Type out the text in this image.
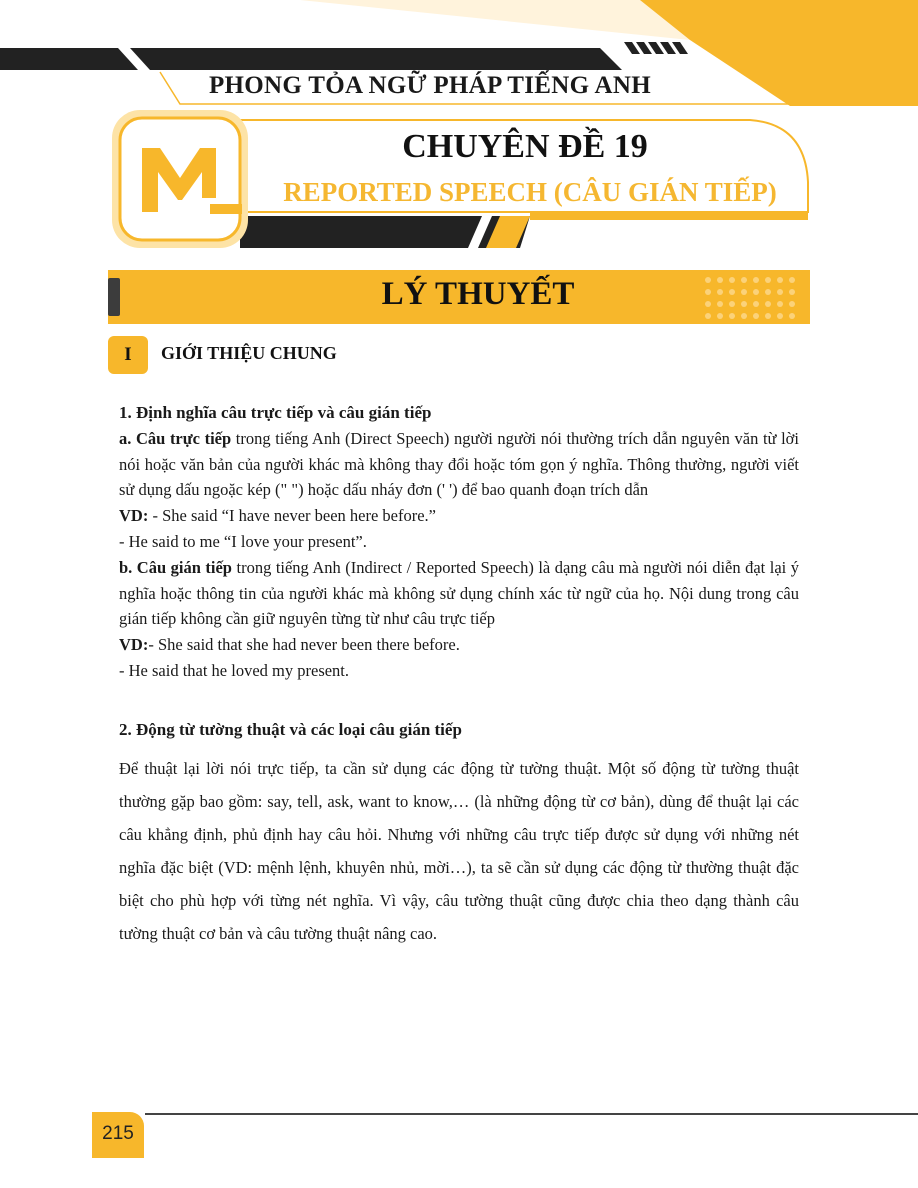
PHONG TỎA NGỮ PHÁP TIẾNG ANH
CHUYÊN ĐỀ 19
REPORTED SPEECH (CÂU GIÁN TIẾP)
LÝ THUYẾT
I	GIỚI THIỆU CHUNG
1. Định nghĩa câu trực tiếp và câu gián tiếp
a. Câu trực tiếp trong tiếng Anh (Direct Speech) người người nói thường trích dẫn nguyên văn từ lời nói hoặc văn bản của người khác mà không thay đổi hoặc tóm gọn ý nghĩa. Thông thường, người viết sử dụng dấu ngoặc kép (" ") hoặc dấu nháy đơn (' ') để bao quanh đoạn trích dẫn
VD: - She said “I have never been here before.”
- He said to me “I love your present”.
b. Câu gián tiếp trong tiếng Anh (Indirect / Reported Speech) là dạng câu mà người nói diễn đạt lại ý nghĩa hoặc thông tin của người khác mà không sử dụng chính xác từ ngữ của họ. Nội dung trong câu gián tiếp không cần giữ nguyên từng từ như câu trực tiếp
VD:- She said that she had never been there before.
- He said that he loved my present.
2. Động từ tường thuật và các loại câu gián tiếp
Để thuật lại lời nói trực tiếp, ta cần sử dụng các động từ tường thuật. Một số động từ tường thuật thường gặp bao gồm: say, tell, ask, want to know,… (là những động từ cơ bản), dùng để thuật lại các câu khẳng định, phủ định hay câu hỏi. Nhưng với những câu trực tiếp được sử dụng với những nét nghĩa đặc biệt (VD: mệnh lệnh, khuyên nhủ, mời…), ta sẽ cần sử dụng các động từ thường thuật đặc biệt cho phù hợp với từng nét nghĩa. Vì vậy, câu tường thuật cũng được chia theo dạng thành câu tường thuật cơ bản và câu tường thuật nâng cao.
215
